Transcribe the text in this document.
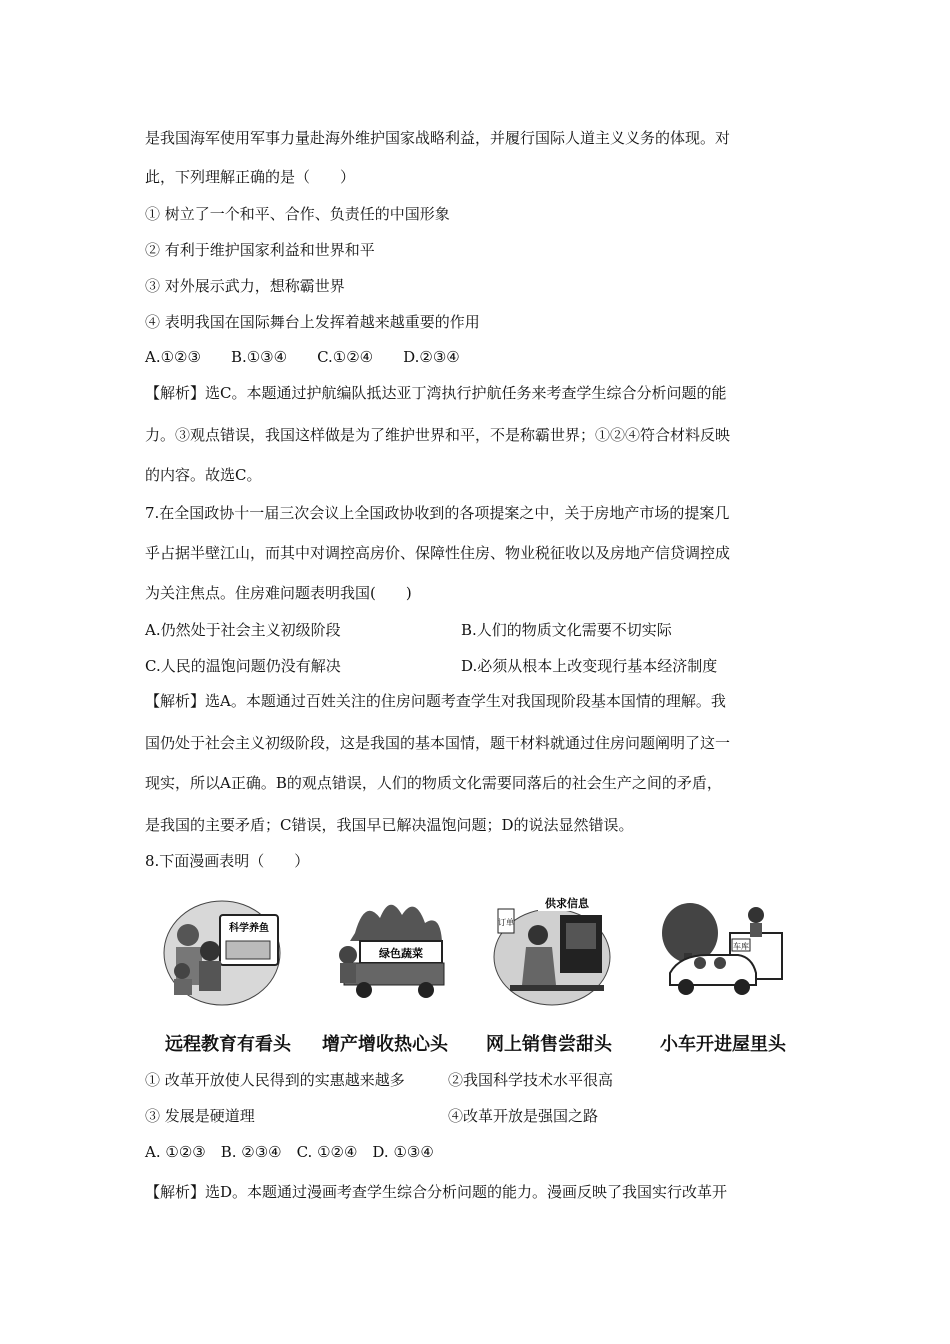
是我国海军使用军事力量赴海外维护国家战略利益，并履行国际人道主义义务的体现。对
此，下列理解正确的是（　　）
① 树立了一个和平、合作、负责任的中国形象
② 有利于维护国家利益和世界和平
③ 对外展示武力，想称霸世界
④ 表明我国在国际舞台上发挥着越来越重要的作用
A.①②③　　B.①③④　　C.①②④　　D.②③④
【解析】选C。本题通过护航编队抵达亚丁湾执行护航任务来考查学生综合分析问题的能
力。③观点错误，我国这样做是为了维护世界和平，不是称霸世界；①②④符合材料反映
的内容。故选C。
7.在全国政协十一届三次会议上全国政协收到的各项提案之中，关于房地产市场的提案几
乎占据半壁江山，而其中对调控高房价、保障性住房、物业税征收以及房地产信贷调控成
为关注焦点。住房难问题表明我国(　　)
A.仍然处于社会主义初级阶段	B.人们的物质文化需要不切实际
C.人民的温饱问题仍没有解决	D.必须从根本上改变现行基本经济制度
【解析】选A。本题通过百姓关注的住房问题考查学生对我国现阶段基本国情的理解。我
国仍处于社会主义初级阶段，这是我国的基本国情，题干材料就通过住房问题阐明了这一
现实，所以A正确。B的观点错误，人们的物质文化需要同落后的社会生产之间的矛盾，
是我国的主要矛盾；C错误，我国早已解决温饱问题；D的说法显然错误。
8.下面漫画表明（　　）
科学养鱼
绿色蔬菜
供求信息
订单
车库
远程教育有看头 增产增收热心头 网上销售尝甜头	小车开进屋里头
① 改革开放使人民得到的实惠越来越多	②我国科学技术水平很高
③ 发展是硬道理	④改革开放是强国之路
A. ①②③　B. ②③④　C. ①②④　D. ①③④
【解析】选D。本题通过漫画考查学生综合分析问题的能力。漫画反映了我国实行改革开
